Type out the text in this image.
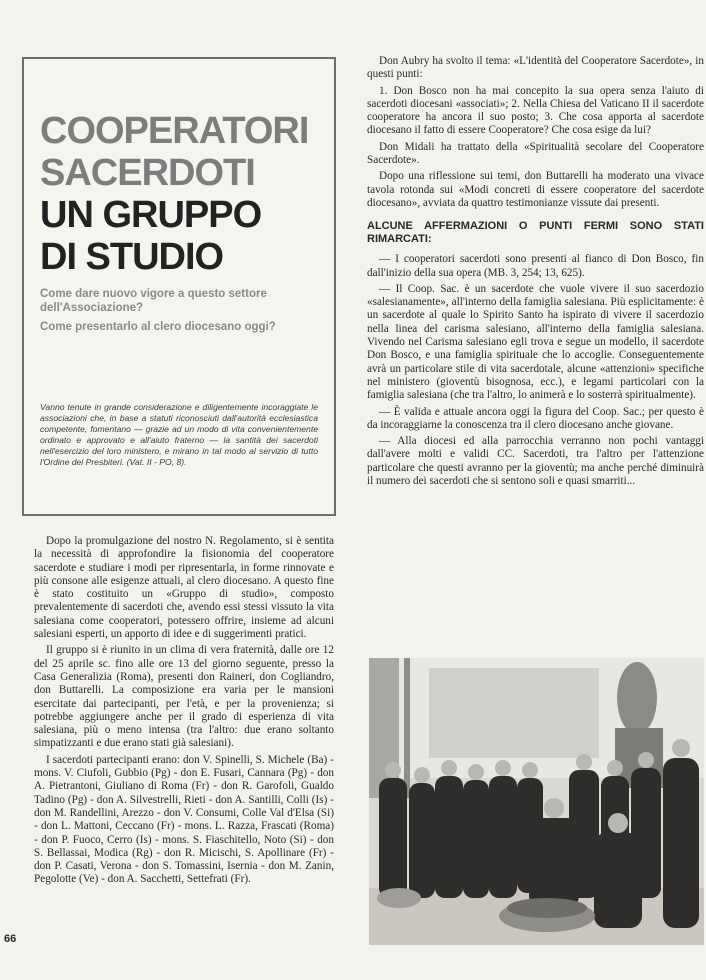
COOPERATORI
SACERDOTI
UN GRUPPO
DI STUDIO
Come dare nuovo vigore a questo settore dell'Associazione?
Come presentarlo al clero diocesano oggi?
Vanno tenute in grande considerazione e diligentemente incoraggiate le associazioni che, in base a statuti riconosciuti dall'autorità ecclesiastica competente, fomentano — grazie ad un modo di vita convenientemente ordinato e approvato e all'aiuto fraterno — la santità dei sacerdoti nell'esercizio del loro ministero, e mirano in tal modo al servizio di tutto l'Ordine dei Presbiteri. (Vat. II - PO, 8).

Dopo la promulgazione del nostro N. Regolamento, si è sentita la necessità di approfondire la fisionomia del cooperatore sacerdote e studiare i modi per ripresentarla, in forme rinnovate e più consone alle esigenze attuali, al clero diocesano. A questo fine è stato costituito un «Gruppo di studio», composto prevalentemente di sacerdoti che, avendo essi stessi vissuto la vita salesiana come cooperatori, potessero offrire, insieme ad alcuni salesiani esperti, un apporto di idee e di suggerimenti pratici.

Il gruppo si è riunito in un clima di vera fraternità, dalle ore 12 del 25 aprile sc. fino alle ore 13 del giorno seguente, presso la Casa Generalizia (Roma), presenti don Raineri, don Cogliandro, don Buttarelli. La composizione era varia per le mansioni esercitate dai partecipanti, per l'età, e per la provenienza; si potrebbe aggiungere anche per il grado di esperienza di vita salesiana, più o meno intensa (tra l'altro: due erano soltanto simpatizzanti e due erano stati già salesiani).

I sacerdoti partecipanti erano: don V. Spinelli, S. Michele (Ba) - mons. V. Ciufoli, Gubbio (Pg) - don E. Fusari, Cannara (Pg) - don A. Pietrantoni, Giuliano di Roma (Fr) - don R. Garofoli, Gualdo Tadino (Pg) - don A. Silvestrelli, Rieti - don A. Santilli, Colli (Is) - don M. Randellini, Arezzo - don V. Consumi, Colle Val d'Elsa (Si) - don L. Mattoni, Ceccano (Fr) - mons. L. Razza, Frascati (Roma) - don P. Fuoco, Cerro (Is) - mons. S. Fiaschitello, Noto (Si) - don S. Bellassai, Modica (Rg) - don R. Micischi, S. Apollinare (Fr) - don P. Casati, Verona - don S. Tomassini, Isernia - don M. Zanin, Pegolotte (Ve) - don A. Sacchetti, Settefrati (Fr).

Don Aubry ha svolto il tema: «L'identità del Cooperatore Sacerdote», in questi punti:

1. Don Bosco non ha mai concepito la sua opera senza l'aiuto di sacerdoti diocesani «associati»; 2. Nella Chiesa del Vaticano II il sacerdote cooperatore ha ancora il suo posto; 3. Che cosa apporta al sacerdote diocesano il fatto di essere Cooperatore? Che cosa esige da lui?

Don Midali ha trattato della «Spiritualità secolare del Cooperatore Sacerdote».

Dopo una riflessione sui temi, don Buttarelli ha moderato una vivace tavola rotonda sui «Modi concreti di essere cooperatore del sacerdote diocesano», avviata da quattro testimonianze vissute dai presenti.

ALCUNE AFFERMAZIONI O PUNTI FERMI SONO STATI RIMARCATI:

— I cooperatori sacerdoti sono presenti al fianco di Don Bosco, fin dall'inizio della sua opera (MB. 3, 254; 13, 625).

— Il Coop. Sac. è un sacerdote che vuole vivere il suo sacerdozio «salesianamente», all'interno della famiglia salesiana. Più esplicitamente: è un sacerdote al quale lo Spirito Santo ha ispirato di vivere il sacerdozio nella linea del carisma salesiano, all'interno della famiglia salesiana. Vivendo nel Carisma salesiano egli trova e segue un modello, il sacerdote Don Bosco, e una famiglia spirituale che lo accoglie. Conseguentemente avrà un particolare stile di vita sacerdotale, alcune «attenzioni» specifiche nel ministero (gioventù bisognosa, ecc.), e legami particolari con la famiglia salesiana (che tra l'altro, lo animerà e lo sosterrà spiritualmente).

— È valida e attuale ancora oggi la figura del Coop. Sac.; per questo è da incoraggiarne la conoscenza tra il clero diocesano anche giovane.

— Alla diocesi ed alla parrocchia verranno non pochi vantaggi dall'avere molti e validi CC. Sacerdoti, tra l'altro per l'attenzione particolare che questi avranno per la gioventù; ma anche perché diminuirà il numero dei sacerdoti che si sentono soli e quasi smarriti...

66
